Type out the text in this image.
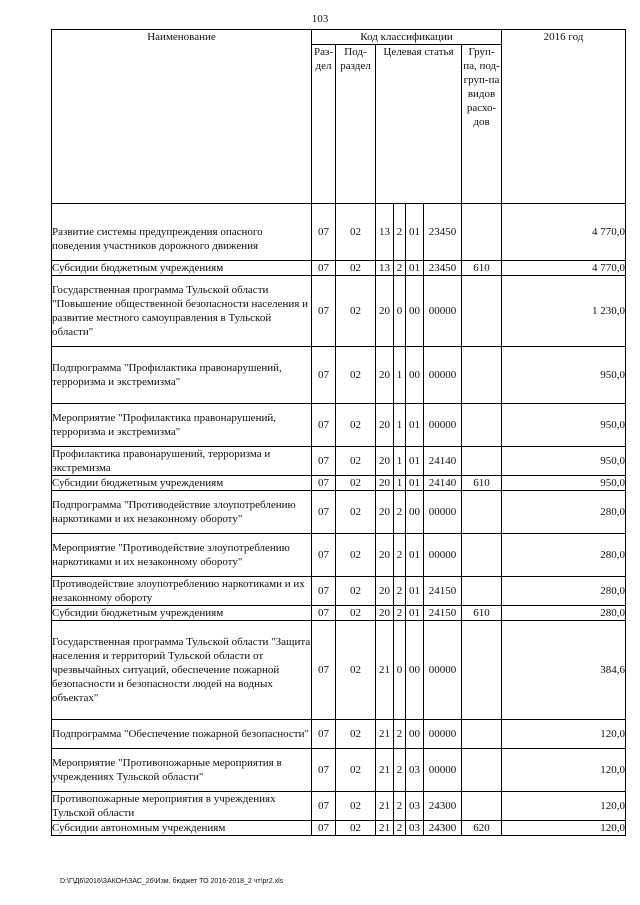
103
Наименование	Код классификации							2016 год
	Раз-дел	Под-раздел	Целевая статья				Груп-па, под-груп-па видов расхо-дов	
Развитие системы предупреждения опасного поведения участников дорожного движения	07	02	13	2	01	23450		4 770,0
Субсидии бюджетным учреждениям	07	02	13	2	01	23450	610	4 770,0
Государственная программа Тульской области "Повышение общественной безопасности населения и развитие местного самоуправления в Тульской области"	07	02	20	0	00	00000		1 230,0
Подпрограмма "Профилактика правонарушений, терроризма и экстремизма"	07	02	20	1	00	00000		950,0
Мероприятие "Профилактика правонарушений, терроризма и экстремизма"	07	02	20	1	01	00000		950,0
Профилактика правонарушений, терроризма и экстремизма	07	02	20	1	01	24140		950,0
Субсидии бюджетным учреждениям	07	02	20	1	01	24140	610	950,0
Подпрограмма "Противодействие злоупотреблению наркотиками и их незаконному обороту"	07	02	20	2	00	00000		280,0
Мероприятие "Противодействие злоупотреблению наркотиками и их незаконному обороту"	07	02	20	2	01	00000		280,0
Противодействие злоупотреблению наркотиками и их незаконному обороту	07	02	20	2	01	24150		280,0
Субсидии бюджетным учреждениям	07	02	20	2	01	24150	610	280,0
Государственная программа Тульской области "Защита населения и территорий Тульской области от чрезвычайных ситуаций, обеспечение пожарной безопасности и безопасности людей на водных объектах"	07	02	21	0	00	00000		384,6
Подпрограмма "Обеспечение пожарной безопасности"	07	02	21	2	00	00000		120,0
Мероприятие "Противопожарные мероприятия в учреждениях Тульской области"	07	02	21	2	03	00000		120,0
Противопожарные мероприятия в учреждениях Тульской области	07	02	21	2	03	24300		120,0
Субсидии автономным учреждениям	07	02	21	2	03	24300	620	120,0
D:\Г\Д6\2016\ЗАКОН\ЗАС_26\Изм. бюджет ТО 2016-2018_2 чт\pr2.xls
